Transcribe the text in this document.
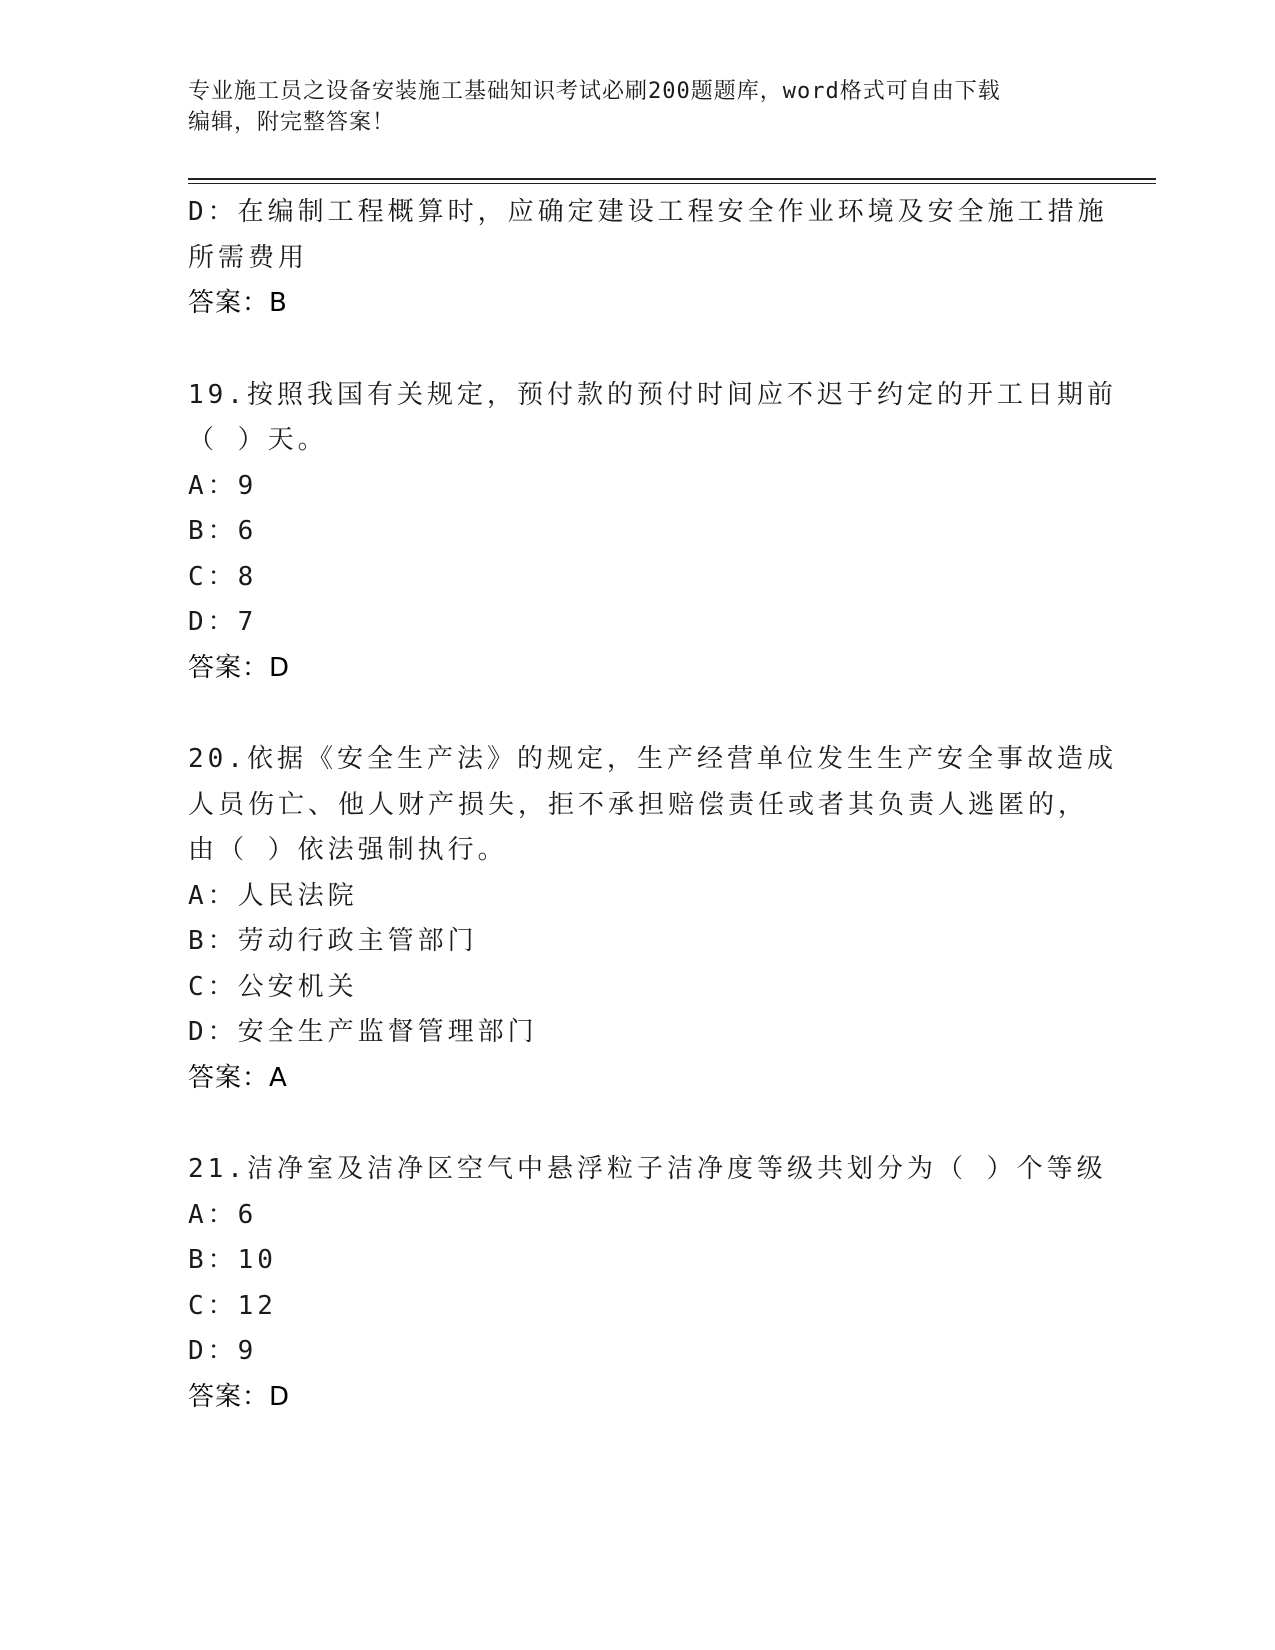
专业施工员之设备安装施工基础知识考试必刷200题题库，word格式可自由下载
编辑，附完整答案！
D：在编制工程概算时，应确定建设工程安全作业环境及安全施工措施
所需费用
答案：B
19.按照我国有关规定，预付款的预付时间应不迟于约定的开工日期前
（ ）天。
A：9
B：6
C：8
D：7
答案：D
20.依据《安全生产法》的规定，生产经营单位发生生产安全事故造成
人员伤亡、他人财产损失，拒不承担赔偿责任或者其负责人逃匿的，
由（ ）依法强制执行。
A：人民法院
B：劳动行政主管部门
C：公安机关
D：安全生产监督管理部门
答案：A
21.洁净室及洁净区空气中悬浮粒子洁净度等级共划分为（ ）个等级
A：6
B：10
C：12
D：9
答案：D
